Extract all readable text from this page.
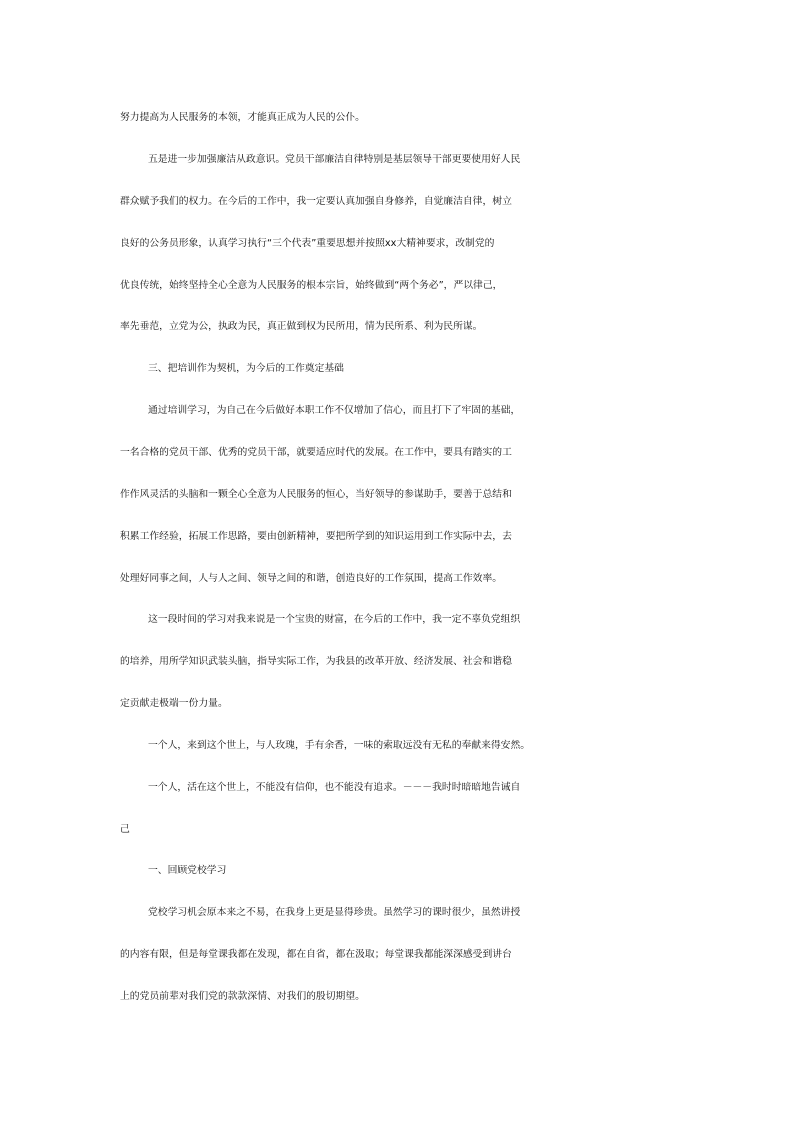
努力提高为人民服务的本领，才能真正成为人民的公仆。
五是进一步加强廉洁从政意识。党员干部廉洁自律特别是基层领导干部更要使用好人民
群众赋予我们的权力。在今后的工作中，我一定要认真加强自身修养，自觉廉洁自律，树立
良好的公务员形象，认真学习执行“三个代表”重要思想并按照xx大精神要求，改制党的
优良传统，始终坚持全心全意为人民服务的根本宗旨，始终做到“两个务必”，严以律己，
率先垂范，立党为公，执政为民，真正做到权为民所用，情为民所系、利为民所谋。
三、把培训作为契机，为今后的工作奠定基础
通过培训学习，为自己在今后做好本职工作不仅增加了信心，而且打下了牢固的基础，
一名合格的党员干部、优秀的党员干部，就要适应时代的发展。在工作中，要具有踏实的工
作作风灵活的头脑和一颗全心全意为人民服务的恒心，当好领导的参谋助手，要善于总结和
积累工作经验，拓展工作思路，要由创新精神，要把所学到的知识运用到工作实际中去，去
处理好同事之间，人与人之间、领导之间的和谐，创造良好的工作氛围，提高工作效率。
这一段时间的学习对我来说是一个宝贵的财富，在今后的工作中，我一定不辜负党组织
的培养，用所学知识武装头脑，指导实际工作，为我县的改革开放、经济发展、社会和谐稳
定贡献走极端一份力量。
一个人，来到这个世上，与人玫瑰，手有余香，一味的索取远没有无私的奉献来得安然。
一个人，活在这个世上，不能没有信仰，也不能没有追求。－－－我时时暗暗地告诫自
己
一、回顾党校学习
党校学习机会原本来之不易，在我身上更是显得珍贵。虽然学习的课时很少，虽然讲授
的内容有限，但是每堂课我都在发现，都在自省，都在汲取；每堂课我都能深深感受到讲台
上的党员前辈对我们党的款款深情、对我们的殷切期望。
